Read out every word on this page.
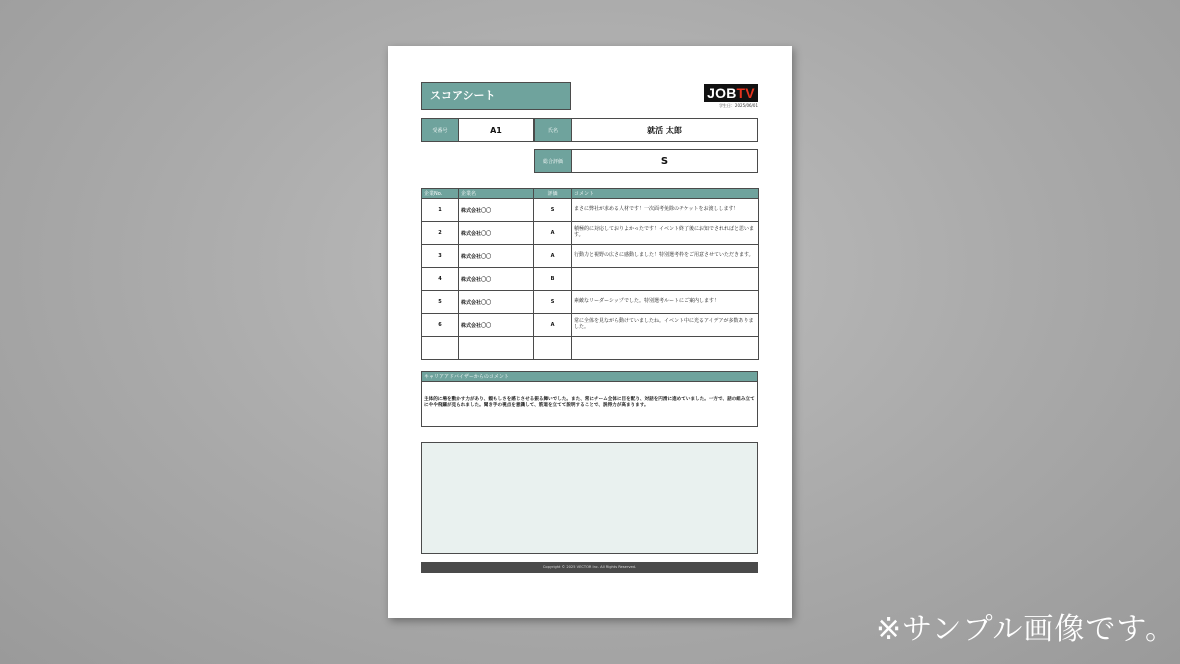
スコアシート	JOBTV
学生日：2025/06/01
受番号	A1	氏名	就活 太郎
総合評価	S
企業No.	企業名	評価	コメント
1	株式会社〇〇	S	まさに弊社が求める人材です！一次面考免除のチケットをお渡しします！
2	株式会社〇〇	A	積極的に対応しておりよかったです！イベント終了後にお知でされればと思います。
3	株式会社〇〇	A	行動力と視野の広さに感動しました！特別選考枠をご用意させていただきます。
4	株式会社〇〇	B	
5	株式会社〇〇	S	素敵なリーダーシップでした。特別選考ルートにご案内します！
6	株式会社〇〇	A	常に全体を見ながら動けていましたね。イベント中に光るアイデアが多数ありました。

キャリアアドバイザーからのコメント
主体的に場を動かす力があり、頼もしさを感じさせる振る舞いでした。また、常にチーム全体に目を配り、対話を円滑に進めていました。一方で、話の組み立てにやや飛躍が見られました。聞き手の視点を意識して、筋道を立てて説明することで、説得力が高まります。
Copyright © 2025 VECTOR Inc. All Rights Reserved.
※サンプル画像です。
